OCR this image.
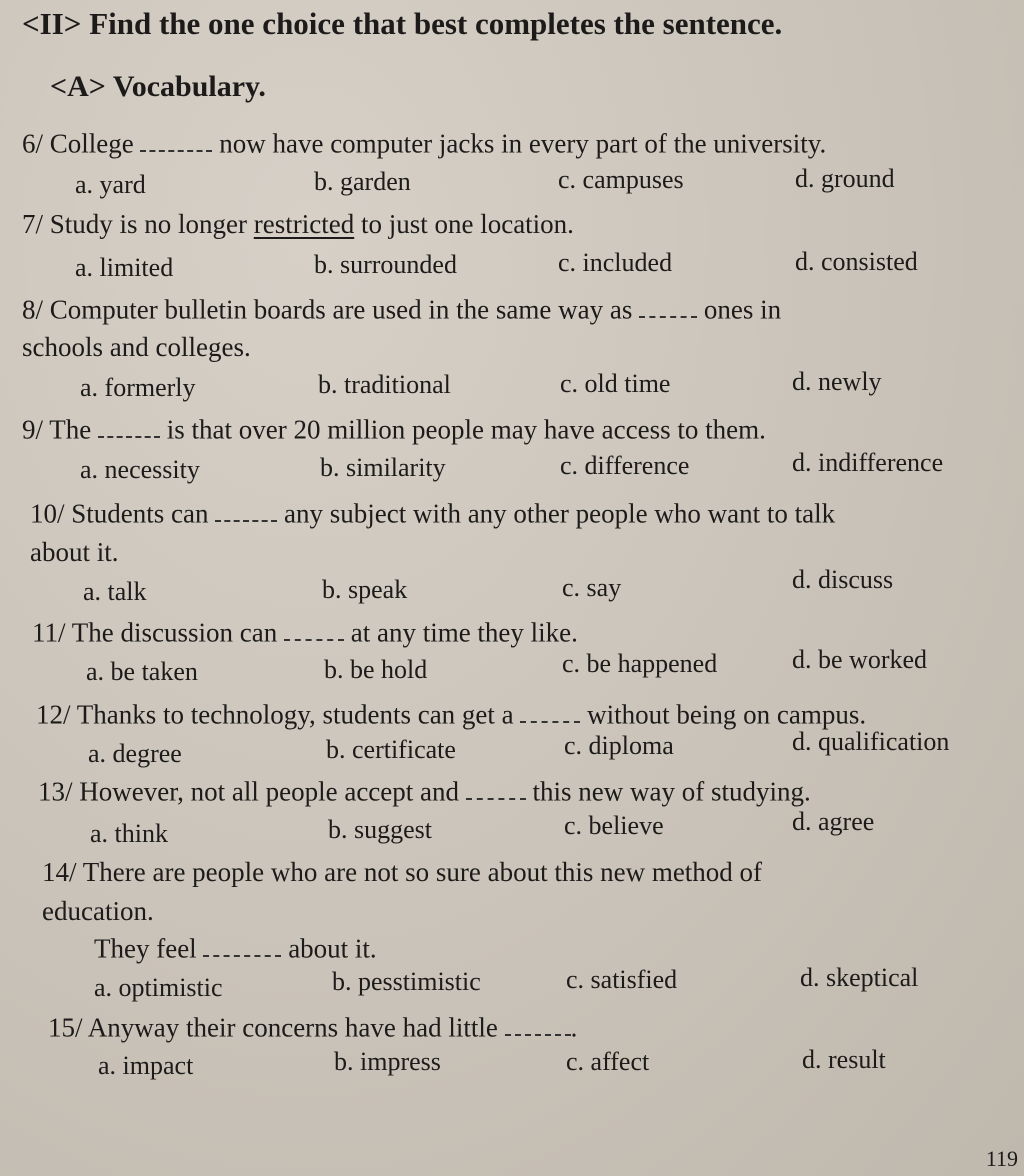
<II> Find the one choice that best completes the sentence.
<A> Vocabulary.
6/ College	now have computer jacks in every part of the university.
a. yard	b. garden	c. campuses	d. ground
7/ Study is no longer restricted to just one location.
a. limited	b. surrounded	c. included	d. consisted
8/ Computer bulletin boards are used in the same way as	ones in
schools and colleges.
a. formerly	b. traditional	c. old time	d. newly
9/ The	is that over 20 million people may have access to them.
a. necessity	b. similarity	c. difference	d. indifference
10/ Students can	any subject with any other people who want to talk
about it.
a. talk	b. speak	c. say	d. discuss
11/ The discussion can	at any time they like.
a. be taken	b. be hold	c. be happened	d. be worked
12/ Thanks to technology, students can get a	without being on campus.
a. degree	b. certificate	c. diploma	d. qualification
13/ However, not all people accept and	this new way of studying.
a. think	b. suggest	c. believe	d. agree
14/ There are people who are not so sure about this new method of
education.
They feel	about it.
a. optimistic	b. pesstimistic	c. satisfied	d. skeptical
15/ Anyway their concerns have had little	.
a. impact	b. impress	c. affect	d. result
119
